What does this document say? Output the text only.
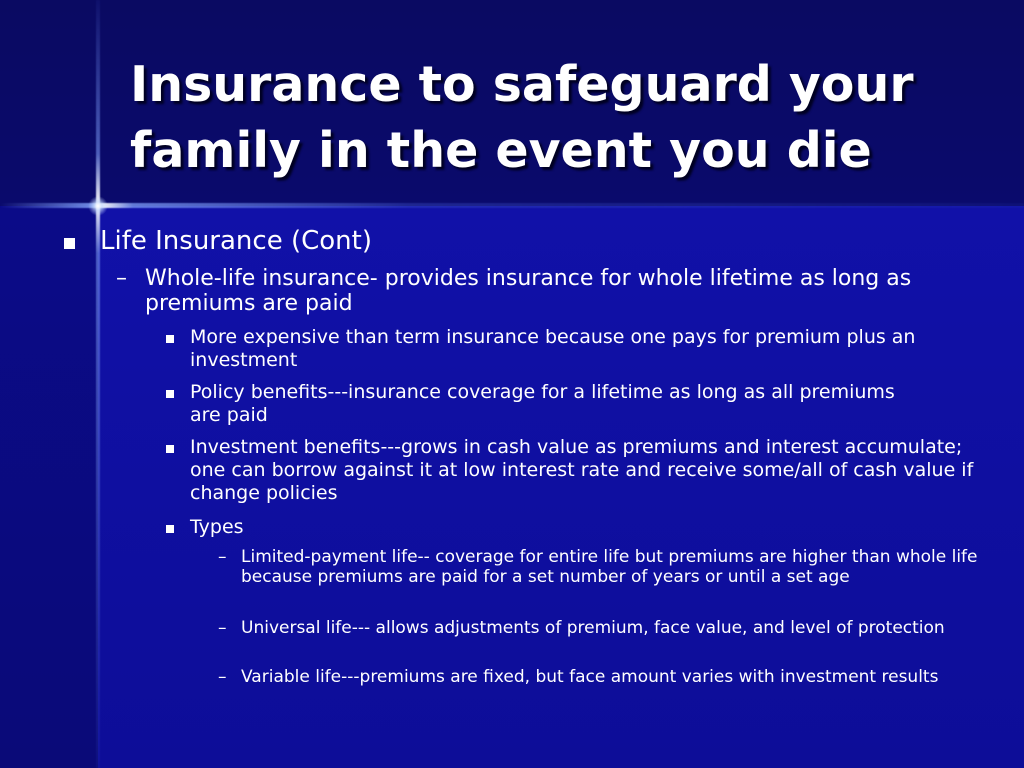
Insurance to safeguard your family in the event you die
Life Insurance (Cont)
– Whole-life insurance- provides insurance for whole lifetime as long as premiums are paid
More expensive than term insurance because one pays for premium plus an investment
Policy benefits---insurance coverage for a lifetime as long as all premiums are paid
Investment benefits---grows in cash value as premiums and interest accumulate; one can borrow against it at low interest rate and receive some/all of cash value if change policies
Types
– Limited-payment life-- coverage for entire life but premiums are higher than whole life because premiums are paid for a set number of years or until a set age
– Universal life--- allows adjustments of premium, face value, and level of protection
– Variable life---premiums are fixed, but face amount varies with investment results
